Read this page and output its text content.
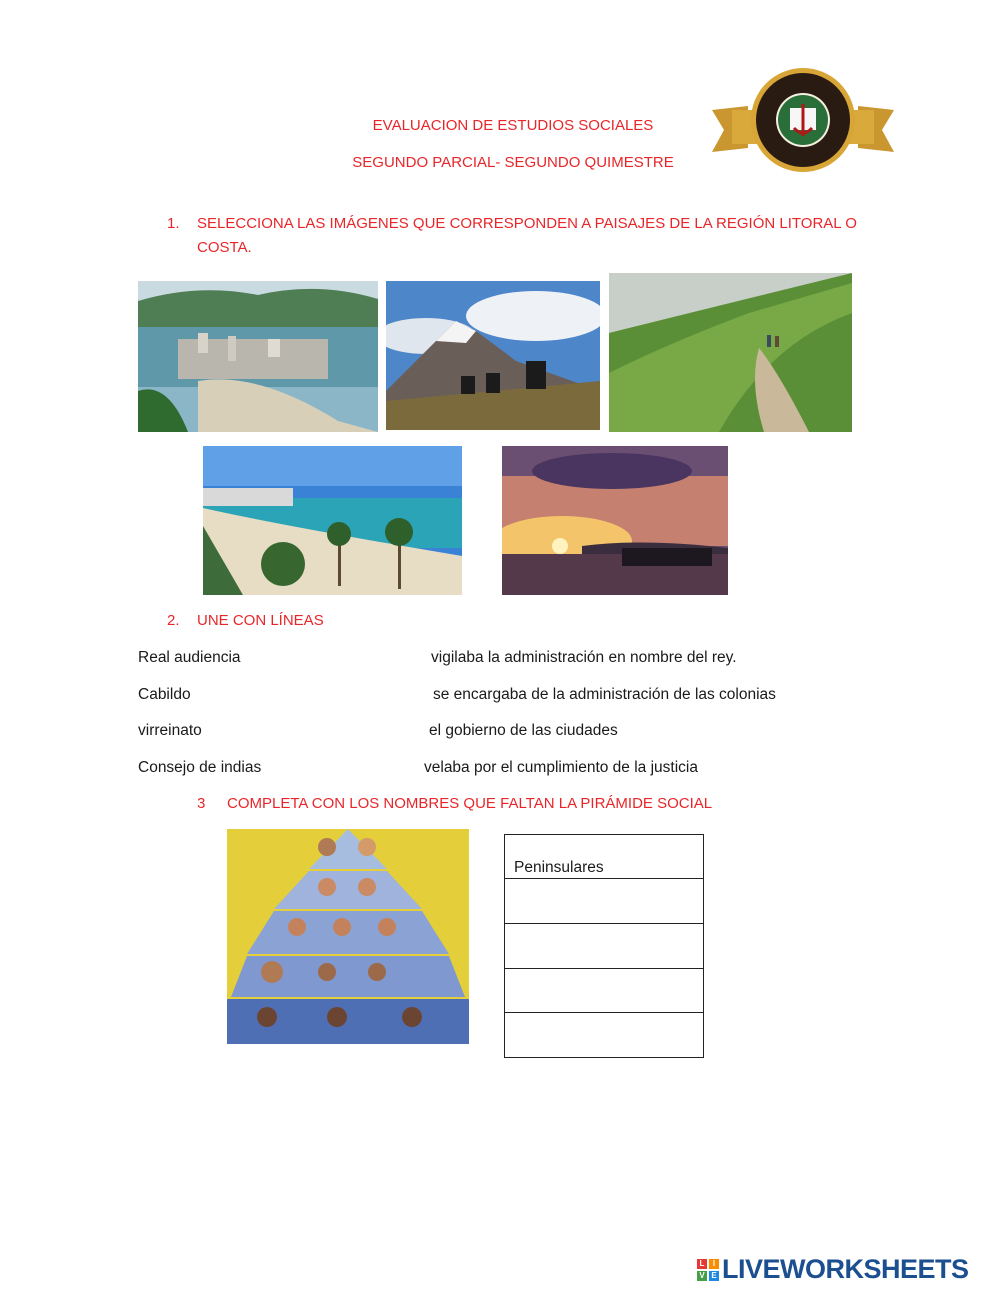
EVALUACION DE ESTUDIOS SOCIALES
SEGUNDO PARCIAL- SEGUNDO QUIMESTRE
1. SELECCIONA LAS IMÁGENES QUE CORRESPONDEN A PAISAJES DE LA REGIÓN LITORAL O
COSTA.
2. UNE CON LÍNEAS
Real audiencia
Cabildo
virreinato
Consejo de indias
vigilaba la administración en nombre del rey.
se encargaba de la administración de las colonias
el gobierno de las ciudades
velaba por el cumplimiento de la justicia
3 COMPLETA CON LOS NOMBRES QUE FALTAN LA PIRÁMIDE SOCIAL
Peninsulares
L	I
V E LIVEWORKSHEETS
